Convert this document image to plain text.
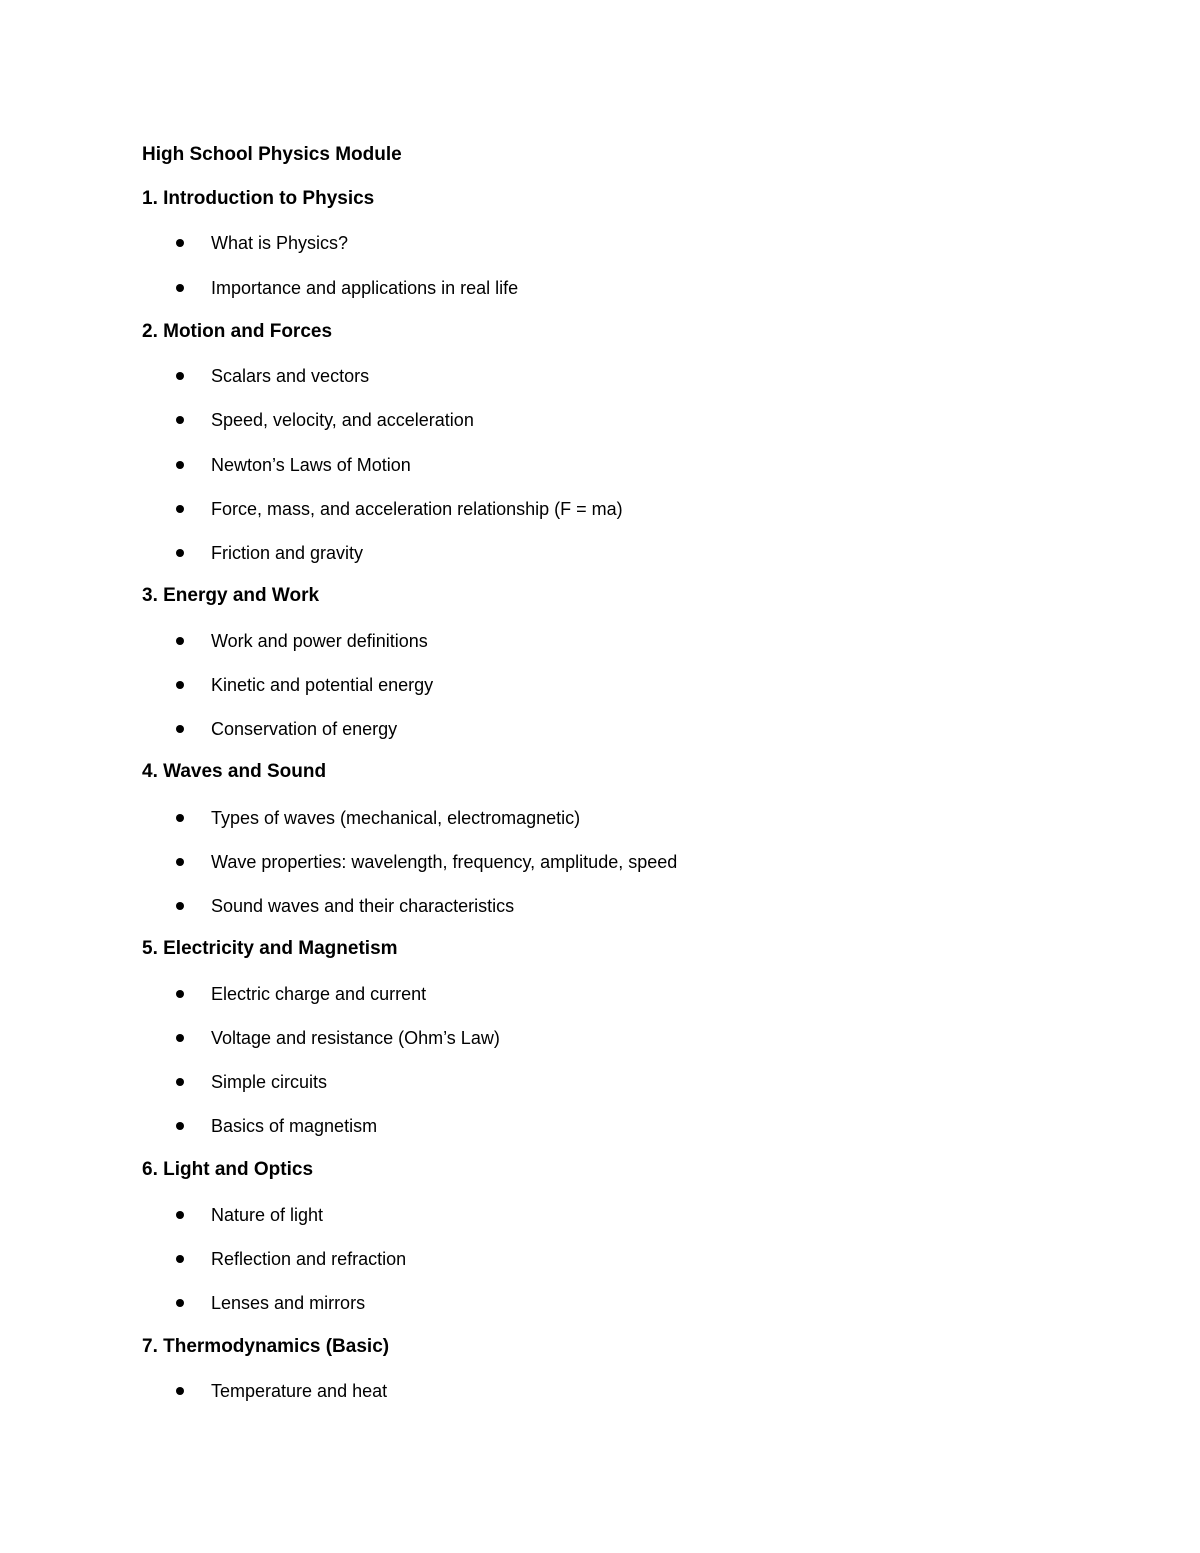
High School Physics Module
1. Introduction to Physics
What is Physics?
Importance and applications in real life
2. Motion and Forces
Scalars and vectors
Speed, velocity, and acceleration
Newton’s Laws of Motion
Force, mass, and acceleration relationship (F = ma)
Friction and gravity
3. Energy and Work
Work and power definitions
Kinetic and potential energy
Conservation of energy
4. Waves and Sound
Types of waves (mechanical, electromagnetic)
Wave properties: wavelength, frequency, amplitude, speed
Sound waves and their characteristics
5. Electricity and Magnetism
Electric charge and current
Voltage and resistance (Ohm’s Law)
Simple circuits
Basics of magnetism
6. Light and Optics
Nature of light
Reflection and refraction
Lenses and mirrors
7. Thermodynamics (Basic)
Temperature and heat
